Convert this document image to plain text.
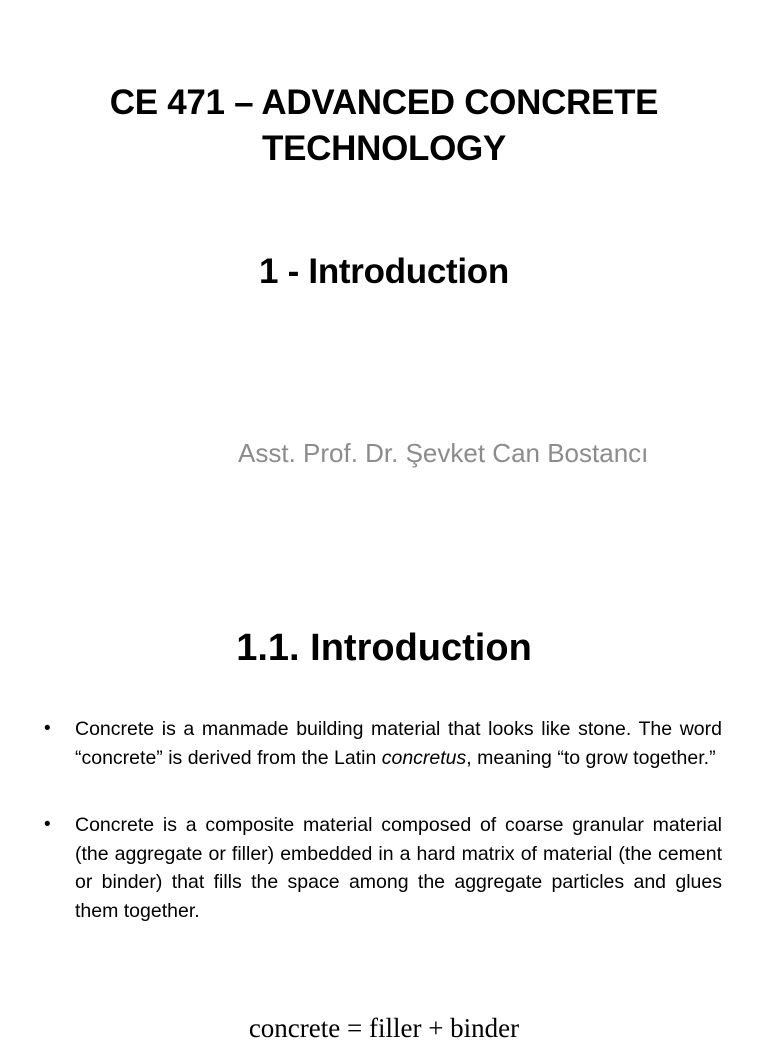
CE 471 – ADVANCED CONCRETE
TECHNOLOGY
1 - Introduction

Asst. Prof. Dr. Şevket Can Bostancı

1.1. Introduction
• Concrete is a manmade building material that looks like stone. The word “concrete” is derived from the Latin concretus, meaning “to grow together.”
• Concrete is a composite material composed of coarse granular material (the aggregate or filler) embedded in a hard matrix of material (the cement or binder) that fills the space among the aggregate particles and glues them together.

concrete = filler + binder
